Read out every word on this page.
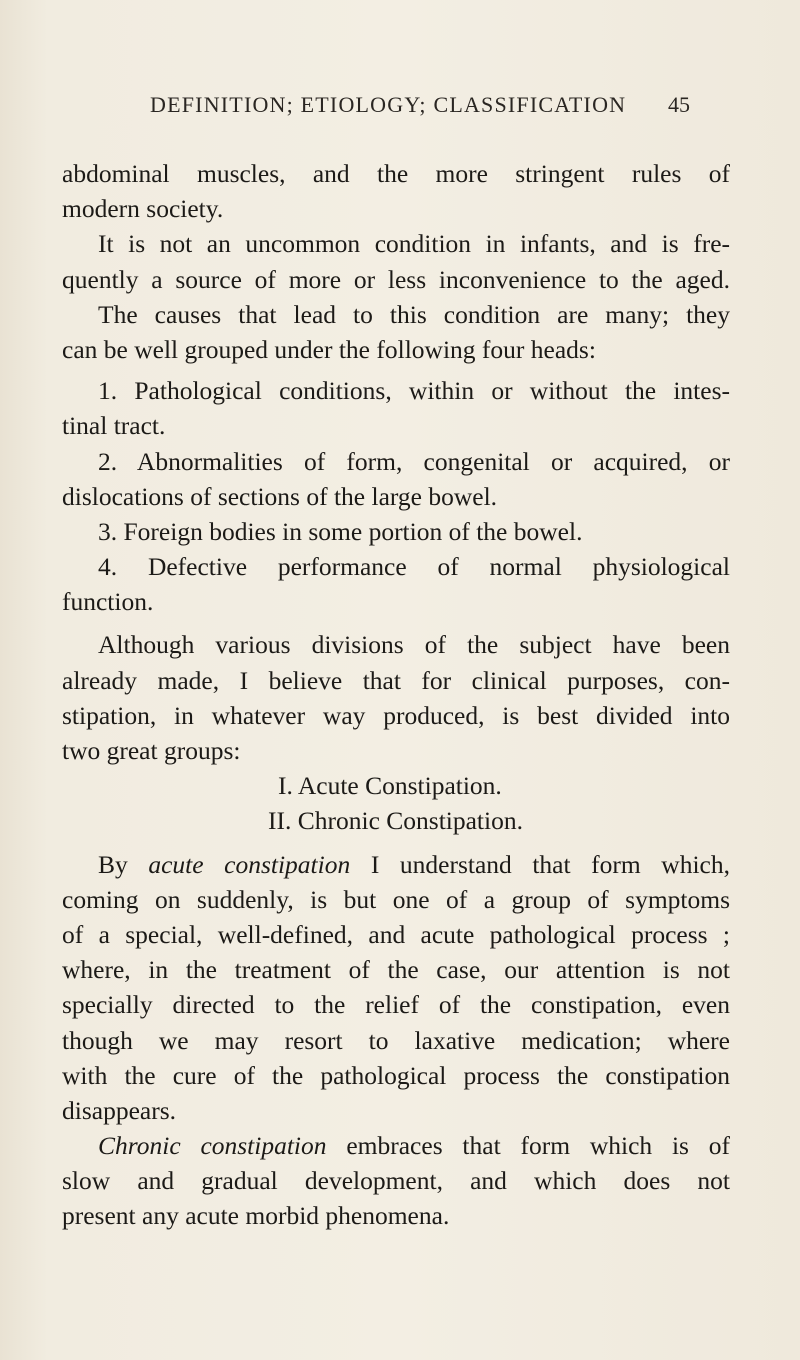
DEFINITION; ETIOLOGY; CLASSIFICATION 45
abdominal muscles, and the more stringent rules of
modern society.
It is not an uncommon condition in infants, and is fre-
quently a source of more or less inconvenience to the aged.
The causes that lead to this condition are many; they
can be well grouped under the following four heads:
1. Pathological conditions, within or without the intes-
tinal tract.
2. Abnormalities of form, congenital or acquired, or
dislocations of sections of the large bowel.
3. Foreign bodies in some portion of the bowel.
4. Defective performance of normal physiological
function.
Although various divisions of the subject have been
already made, I believe that for clinical purposes, con-
stipation, in whatever way produced, is best divided into
two great groups:
I. Acute Constipation.
II. Chronic Constipation.
By acute constipation I understand that form which,
coming on suddenly, is but one of a group of symptoms
of a special, well-defined, and acute pathological process ;
where, in the treatment of the case, our attention is not
specially directed to the relief of the constipation, even
though we may resort to laxative medication; where
with the cure of the pathological process the constipation
disappears.
Chronic constipation embraces that form which is of
slow and gradual development, and which does not
present any acute morbid phenomena.
